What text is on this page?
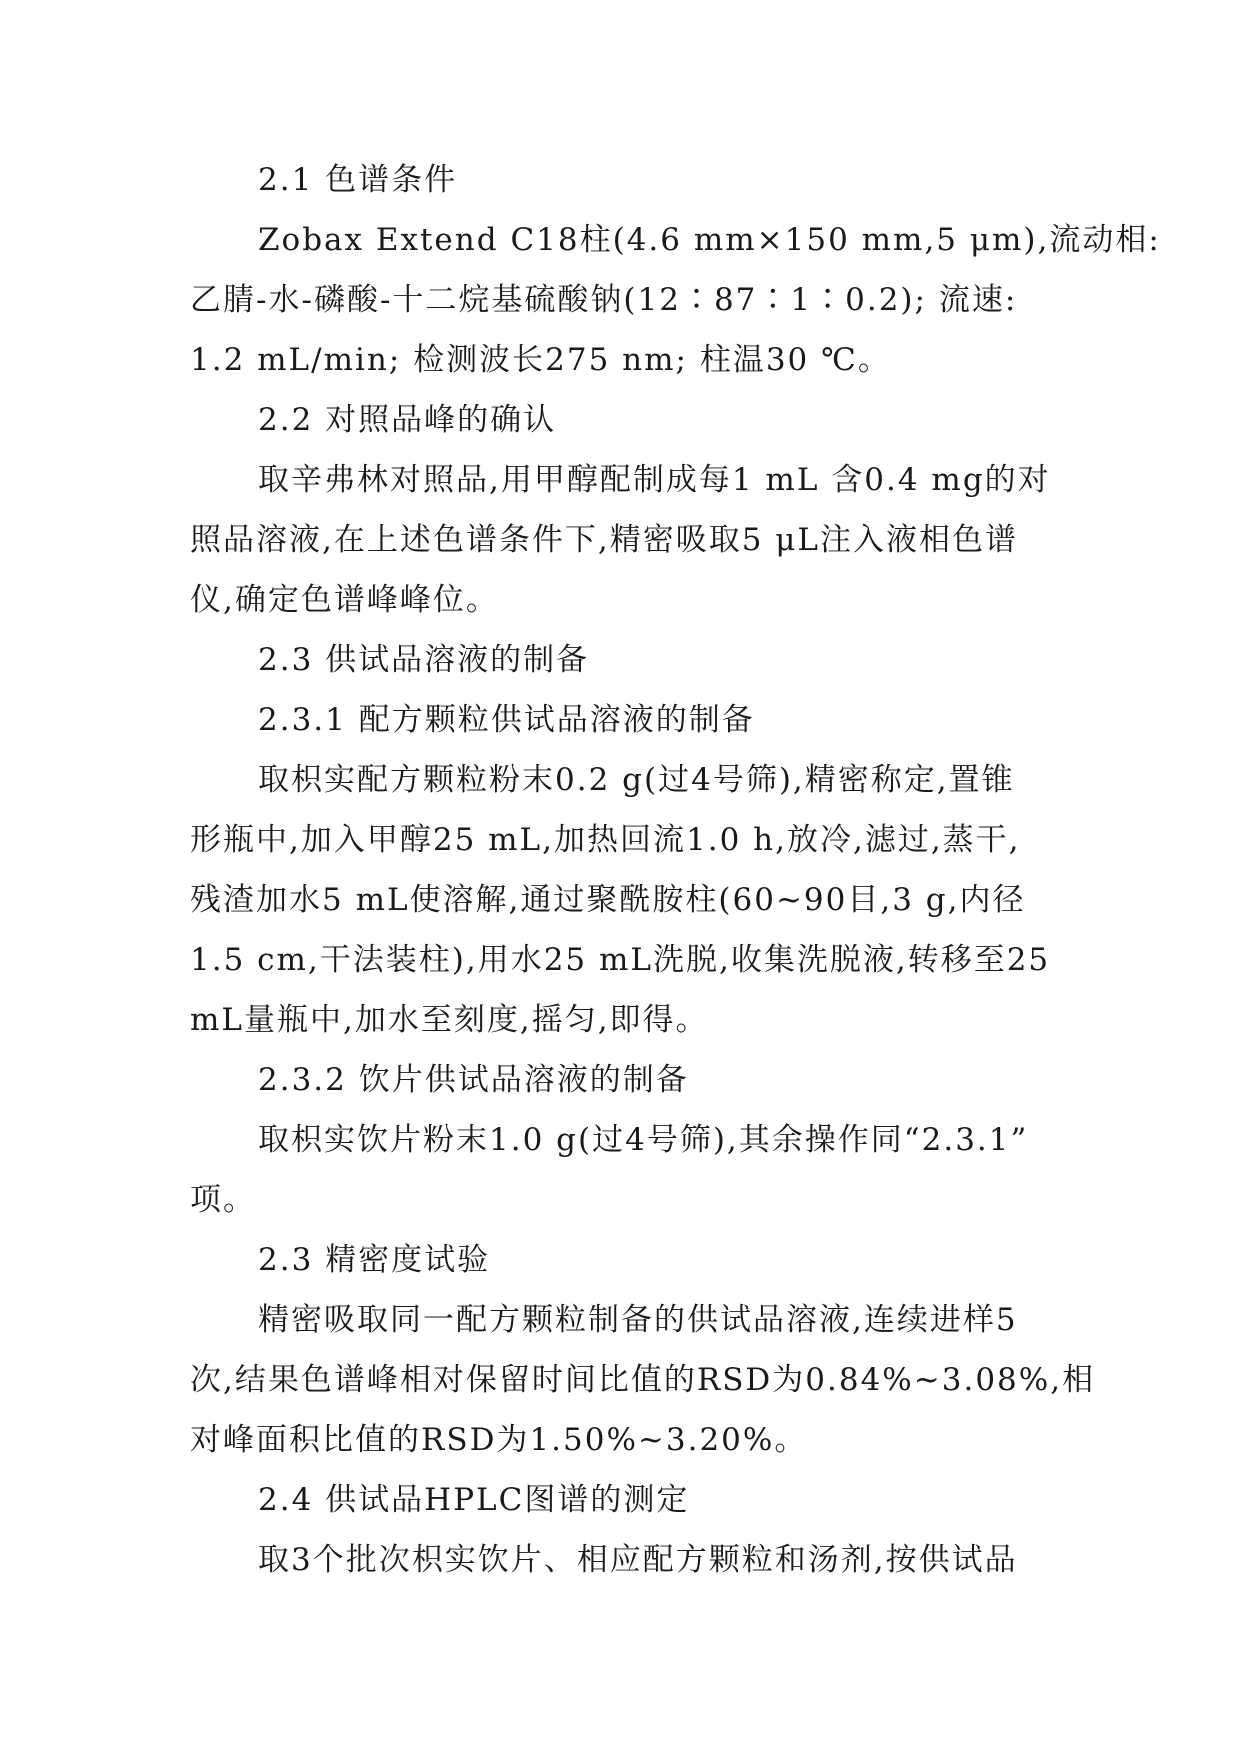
2.1 色谱条件
Zobax Extend C18柱(4.6 mm×150 mm,5 μm),流动相:
乙腈-水-磷酸-十二烷基硫酸钠(12∶87∶1∶0.2); 流速:
1.2 mL/min; 检测波长275 nm; 柱温30 ℃。
2.2 对照品峰的确认
取辛弗林对照品,用甲醇配制成每1 mL 含0.4 mg的对
照品溶液,在上述色谱条件下,精密吸取5 μL注入液相色谱
仪,确定色谱峰峰位。
2.3 供试品溶液的制备
2.3.1 配方颗粒供试品溶液的制备
取枳实配方颗粒粉末0.2 g(过4号筛),精密称定,置锥
形瓶中,加入甲醇25 mL,加热回流1.0 h,放冷,滤过,蒸干,
残渣加水5 mL使溶解,通过聚酰胺柱(60~90目,3 g,内径
1.5 cm,干法装柱),用水25 mL洗脱,收集洗脱液,转移至25
mL量瓶中,加水至刻度,摇匀,即得。
2.3.2 饮片供试品溶液的制备
取枳实饮片粉末1.0 g(过4号筛),其余操作同“2.3.1”
项。
2.3 精密度试验
精密吸取同一配方颗粒制备的供试品溶液,连续进样5
次,结果色谱峰相对保留时间比值的RSD为0.84%~3.08%,相
对峰面积比值的RSD为1.50%~3.20%。
2.4 供试品HPLC图谱的测定
取3个批次枳实饮片、相应配方颗粒和汤剂,按供试品
